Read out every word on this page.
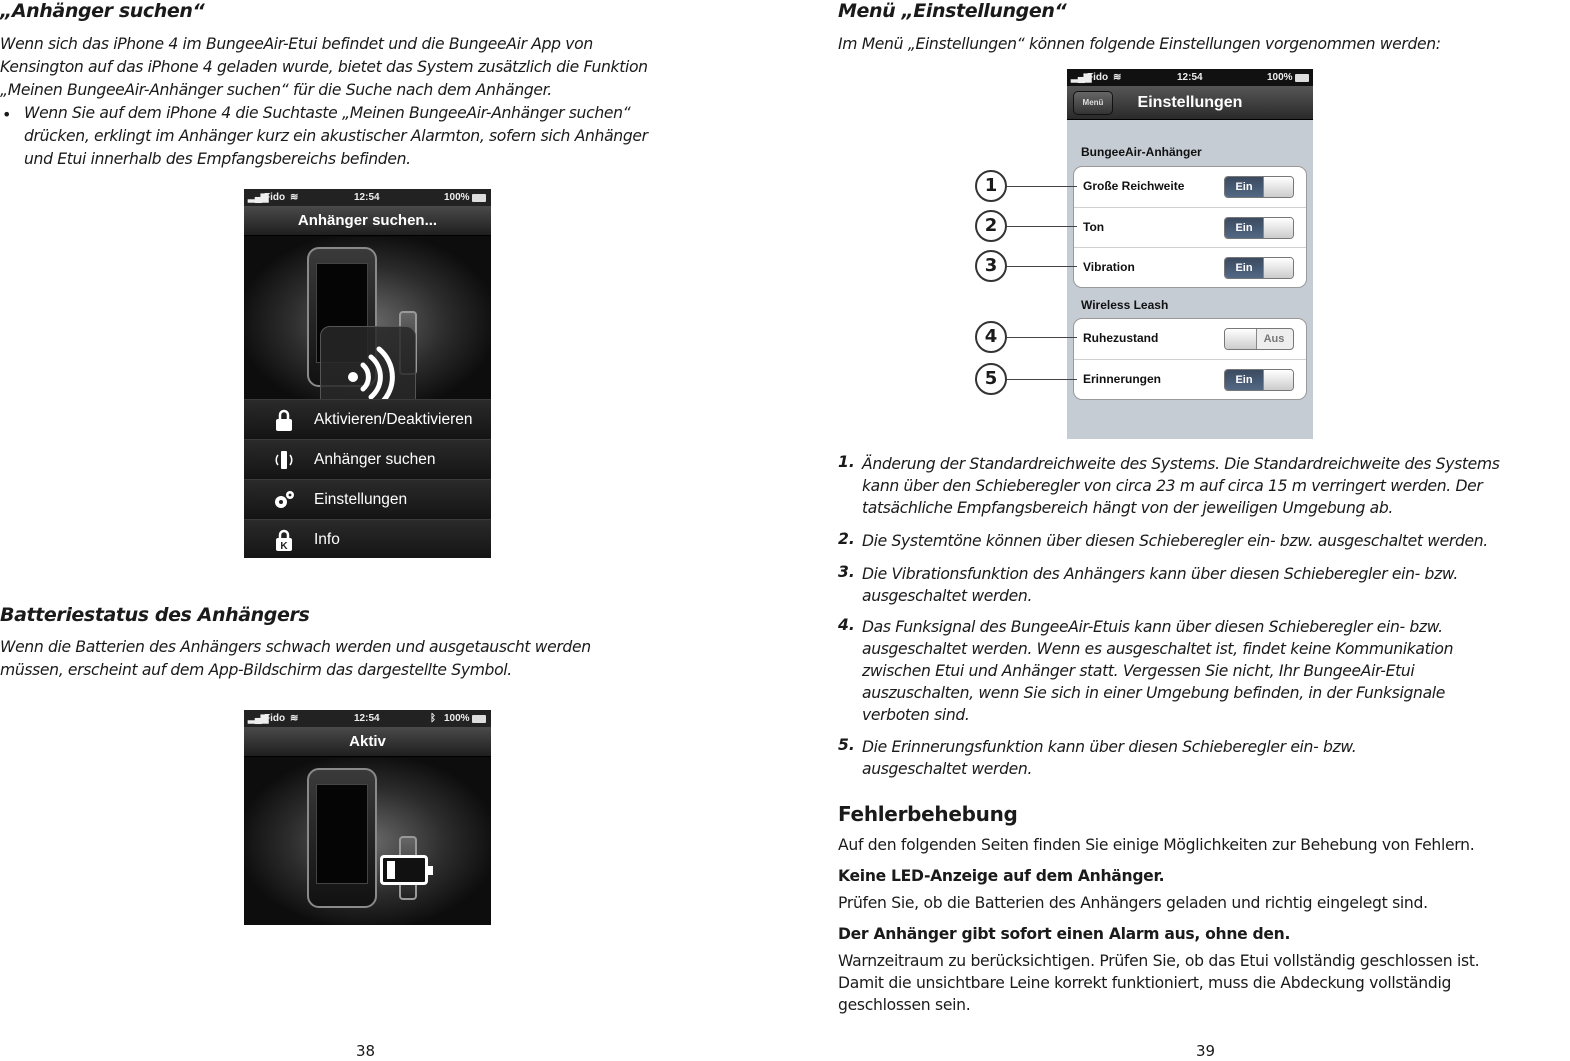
„Anhänger suchen“
Wenn sich das iPhone 4 im BungeeAir-Etui befindet und die BungeeAir App von
Kensington auf das iPhone 4 geladen wurde, bietet das System zusätzlich die Funktion
„Meinen BungeeAir-Anhänger suchen“ für die Suche nach dem Anhänger.
• Wenn Sie auf dem iPhone 4 die Suchtaste „Meinen BungeeAir-Anhänger suchen“
drücken, erklingt im Anhänger kurz ein akustischer Alarmton, sofern sich Anhänger
und Etui innerhalb des Empfangsbereichs befinden.
▂▄▆
Fido ≋	12:54	100%
Anhänger suchen...
Aktivieren/Deaktivieren
Anhänger suchen
Einstellungen
K Info
Batteriestatus des Anhängers
Wenn die Batterien des Anhängers schwach werden und ausgetauscht werden
müssen, erscheint auf dem App-Bildschirm das dargestellte Symbol.
▂▄▆
Fido ≋	12:54	ᛒ 100%
Aktiv
38
Menü „Einstellungen“
Im Menü „Einstellungen“ können folgende Einstellungen vorgenommen werden:
▂▄▆
Fido ≋	12:54	100%
Einstellungen
Menü
BungeeAir-Anhänger
Große Reichweite	Ein
Ton	Ein
Vibration	Ein
Wireless Leash
Ruhezustand	Aus
Erinnerungen	Ein
1
2
3
4
5
1. Änderung der Standardreichweite des Systems. Die Standardreichweite des Systems
kann über den Schieberegler von circa 23 m auf circa 15 m verringert werden. Der
tatsächliche Empfangsbereich hängt von der jeweiligen Umgebung ab.
2. Die Systemtöne können über diesen Schieberegler ein- bzw. ausgeschaltet werden.
3. Die Vibrationsfunktion des Anhängers kann über diesen Schieberegler ein- bzw.
ausgeschaltet werden.
4. Das Funksignal des BungeeAir-Etuis kann über diesen Schieberegler ein- bzw.
ausgeschaltet werden. Wenn es ausgeschaltet ist, findet keine Kommunikation
zwischen Etui und Anhänger statt. Vergessen Sie nicht, Ihr BungeeAir-Etui
auszuschalten, wenn Sie sich in einer Umgebung befinden, in der Funksignale
verboten sind.
5. Die Erinnerungsfunktion kann über diesen Schieberegler ein- bzw.
ausgeschaltet werden.
Fehlerbehebung
Auf den folgenden Seiten finden Sie einige Möglichkeiten zur Behebung von Fehlern.
Keine LED-Anzeige auf dem Anhänger.
Prüfen Sie, ob die Batterien des Anhängers geladen und richtig eingelegt sind.
Der Anhänger gibt sofort einen Alarm aus, ohne den.
Warnzeitraum zu berücksichtigen. Prüfen Sie, ob das Etui vollständig geschlossen ist.
Damit die unsichtbare Leine korrekt funktioniert, muss die Abdeckung vollständig
geschlossen sein.
39
